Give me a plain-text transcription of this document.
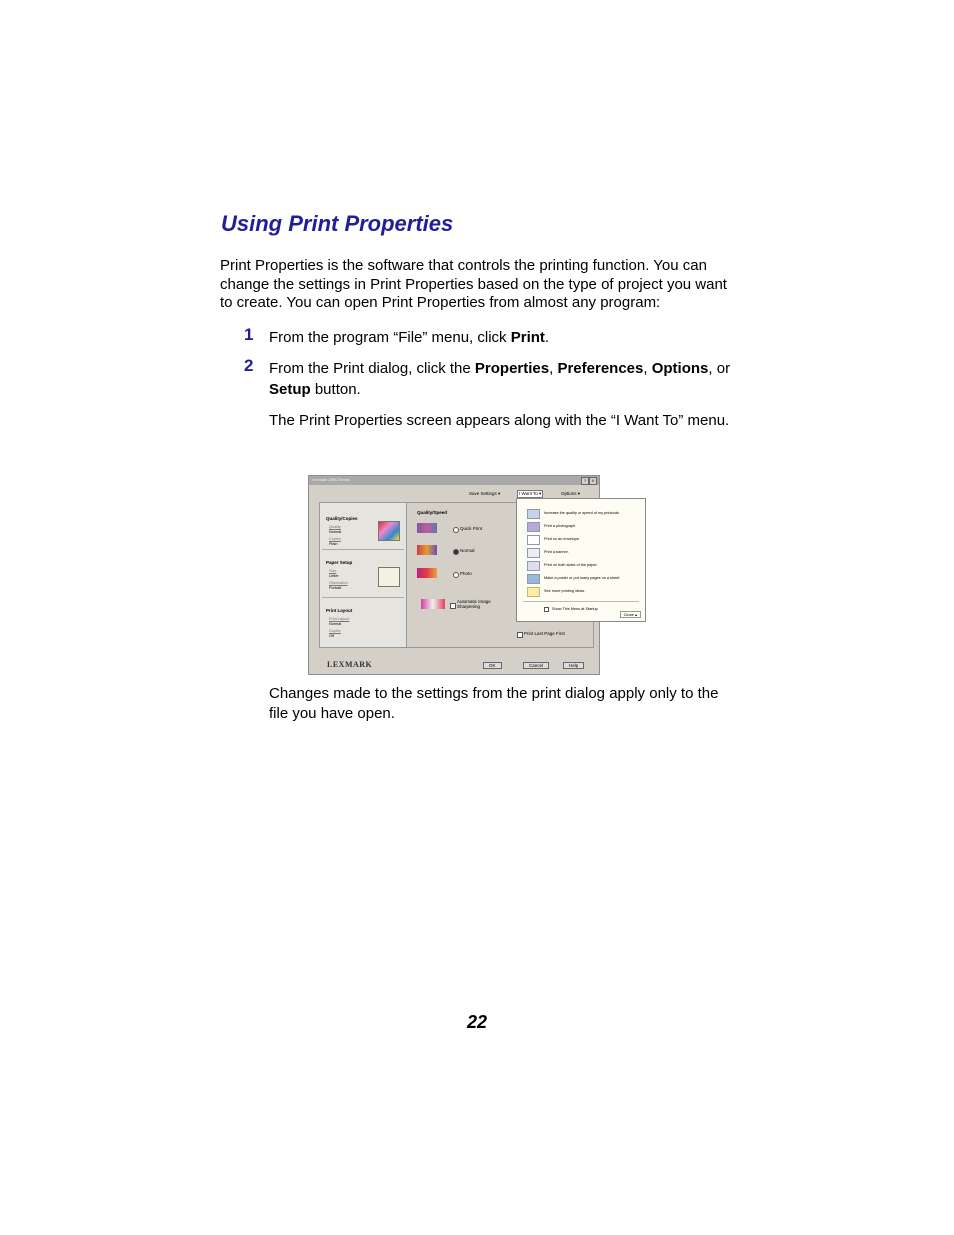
Using Print Properties

Print Properties is the software that controls the printing function. You can change the settings in Print Properties based on the type of project you want to create. You can open Print Properties from almost any program:

1 From the program “File” menu, click Print.
2 From the Print dialog, click the Properties, Preferences, Options, or Setup button.

The Print Properties screen appears along with the “I Want To” menu.

Lexmark Z600 Series	?	X
Save Settings ▾	I Want To ▾	Options ▾
Quality/Copies
Quality
Normal
Copies
Plain
Paper Setup
Size
Letter
Orientation
Portrait
Print Layout
Print Layout
Normal
Duplex
Off
Quality/Speed
Quick Print
Normal
Photo
Automatic Image Sharpening
Print Last Page First
LEXMARK	OK	Cancel	Help
Increase the quality or speed of my printouts.
Print a photograph.
Print on an envelope.
Print a banner.
Print on both sides of the paper.
Make a poster or put many pages on a sheet.
See more printing ideas.
Show This Menu at Startup
Close ▴

Changes made to the settings from the print dialog apply only to the file you have open.

22
